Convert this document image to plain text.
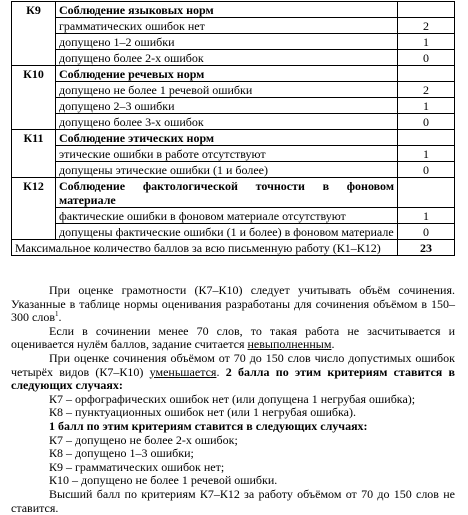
К9	Соблюдение языковых норм	
	грамматических ошибок нет	2
	допущено 1–2 ошибки	1
	допущено более 2-х ошибок	0
К10	Соблюдение речевых норм	
	допущено не более 1 речевой ошибки	2
	допущено 2–3 ошибки	1
	допущено более 3-х ошибок	0
К11	Соблюдение этических норм	
	этические ошибки в работе отсутствуют	1
	допущены этические ошибки (1 и более)	0
К12	Соблюдение фактологической точности в фоновом материале	
	фактические ошибки в фоновом материале отсутствуют	1
	допущены фактические ошибки (1 и более) в фоновом материале	0
Максимальное количество баллов за всю письменную работу (К1–К12)		23

При оценке грамотности (К7–К10) следует учитывать объём сочинения. Указанные в таблице нормы оценивания разработаны для сочинения объёмом в 150–300 слов$^1$.

Если в сочинении менее 70 слов, то такая работа не засчитывается и оценивается нулём баллов, задание считается невыполненным.

При оценке сочинения объёмом от 70 до 150 слов число допустимых ошибок четырёх видов (К7–К10) уменьшается. 2 балла по этим критериям ставится в следующих случаях:

К7 – орфографических ошибок нет (или допущена 1 негрубая ошибка);

К8 – пунктуационных ошибок нет (или 1 негрубая ошибка).

1 балл по этим критериям ставится в следующих случаях:

К7 – допущено не более 2-х ошибок;

К8 – допущено 1–3 ошибки;

К9 – грамматических ошибок нет;

К10 – допущено не более 1 речевой ошибки.

Высший балл по критериям К7–К12 за работу объёмом от 70 до 150 слов не ставится.
